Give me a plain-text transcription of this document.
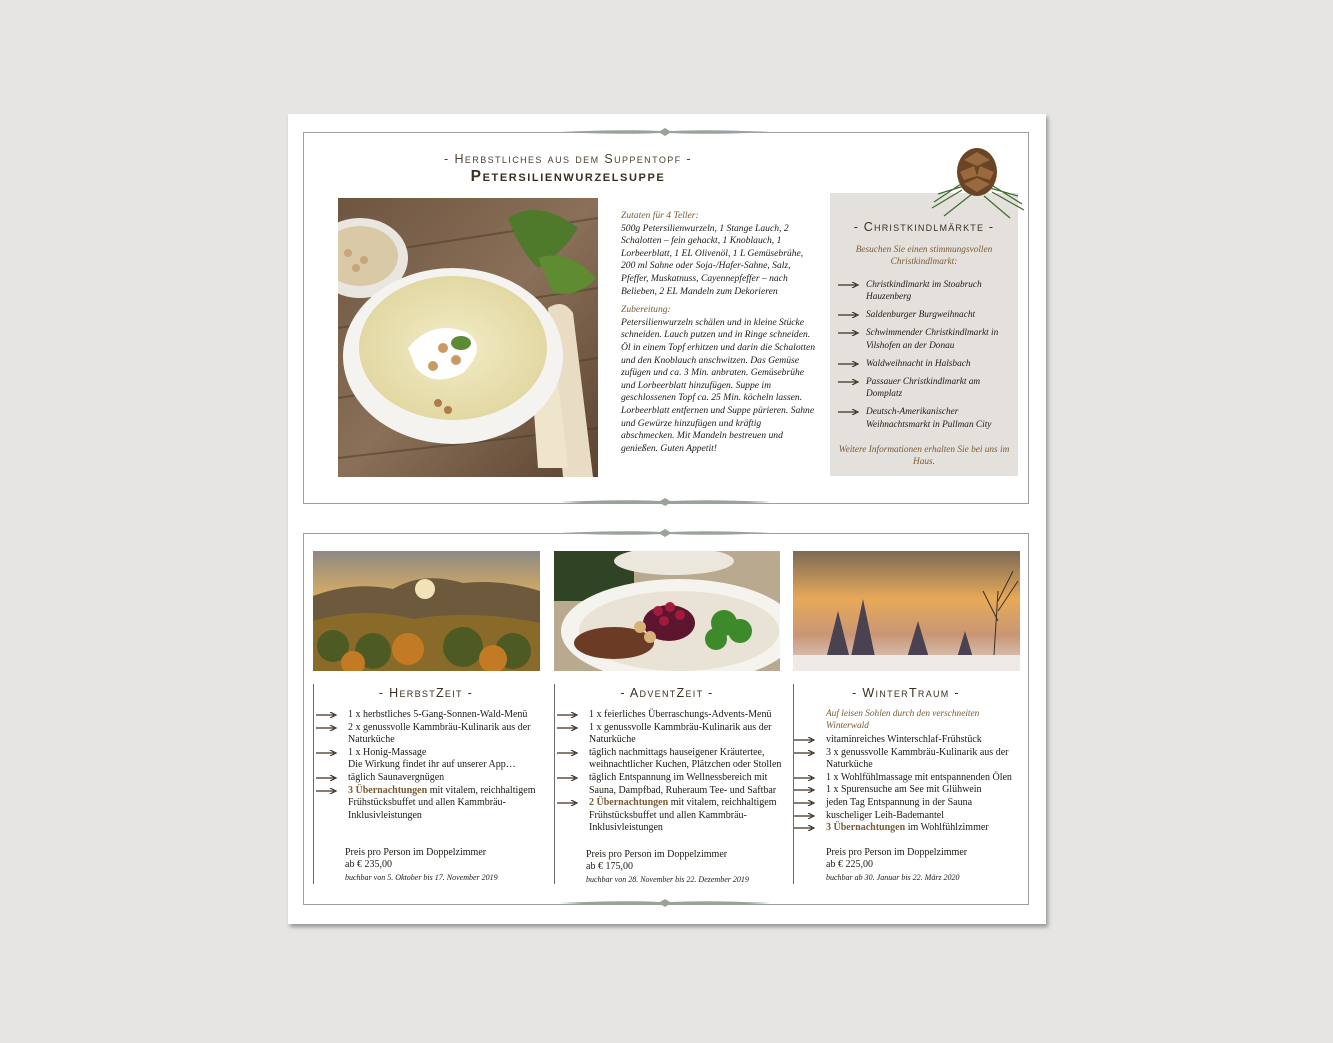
- Herbstliches aus dem Suppentopf -
Petersilienwurzelsuppe

Zutaten für 4 Teller:

500g Petersilienwurzeln, 1 Stange Lauch, 2 Schalotten – fein gehackt, 1 Knoblauch, 1 Lorbeerblatt, 1 EL Olivenöl, 1 L Gemüsebrühe, 200 ml Sahne oder Soja-/Hafer-Sahne, Salz, Pfeffer, Muskatnuss, Cayennepfeffer – nach Belieben, 2 EL Mandeln zum Dekorieren

Zubereitung:

Petersilienwurzeln schälen und in kleine Stücke schneiden. Lauch putzen und in Ringe schneiden. Öl in einem Topf erhitzen und darin die Schalotten und den Knoblauch anschwitzen. Das Gemüse zufügen und ca. 3 Min. anbraten. Gemüsebrühe und Lorbeerblatt hinzufügen. Suppe im geschlossenen Topf ca. 25 Min. köcheln lassen. Lorbeerblatt entfernen und Suppe pürieren. Sahne und Gewürze hinzufügen und kräftig abschmecken. Mit Mandeln bestreuen und genießen. Guten Appetit!

- Christkindlmärkte -
Besuchen Sie einen stimmungsvollen Christkindlmarkt:
Christkindlmarkt im Stoabruch Hauzenberg
Saldenburger Burgweihnacht
Schwimmender Christkindlmarkt in Vilshofen an der Donau
Waldweihnacht in Halsbach
Passauer Christkindlmarkt am Domplatz
Deutsch-Amerikanischer Weihnachtsmarkt in Pullman City
Weitere Informationen erhalten Sie bei uns im Haus.
- HerbstZeit -
1 x herbstliches 5-Gang-Sonnen-Wald-Menü
2 x genussvolle Kammbräu-Kulinarik aus der Naturküche
1 x Honig-Massage
Die Wirkung findet ihr auf unserer App…
täglich Saunavergnügen
3 Übernachtungen mit vitalem, reichhaltigem Frühstücksbuffet und allen Kammbräu-Inklusivleistungen
Preis pro Person im Doppelzimmer
ab € 235,00
buchbar von 5. Oktober bis 17. November 2019
- AdventZeit -
1 x feierliches Überraschungs-Advents-Menü
1 x genussvolle Kammbräu-Kulinarik aus der Naturküche
täglich nachmittags hauseigener Kräutertee, weihnachtlicher Kuchen, Plätzchen oder Stollen
täglich Entspannung im Wellnessbereich mit Sauna, Dampfbad, Ruheraum Tee- und Saftbar
2 Übernachtungen mit vitalem, reichhaltigem Frühstücksbuffet und allen Kammbräu-Inklusivleistungen
Preis pro Person im Doppelzimmer
ab € 175,00
buchbar von 28. November bis 22. Dezember 2019
- WinterTraum -
Auf leisen Sohlen durch den verschneiten Winterwald
vitaminreiches Winterschlaf-Frühstück
3 x genussvolle Kammbräu-Kulinarik aus der Naturküche
1 x Wohlfühlmassage mit entspannenden Ölen
1 x Spurensuche am See mit Glühwein
jeden Tag Entspannung in der Sauna
kuscheliger Leih-Bademantel
3 Übernachtungen im Wohlfühlzimmer
Preis pro Person im Doppelzimmer
ab € 225,00
buchbar ab 30. Januar bis 22. März 2020
